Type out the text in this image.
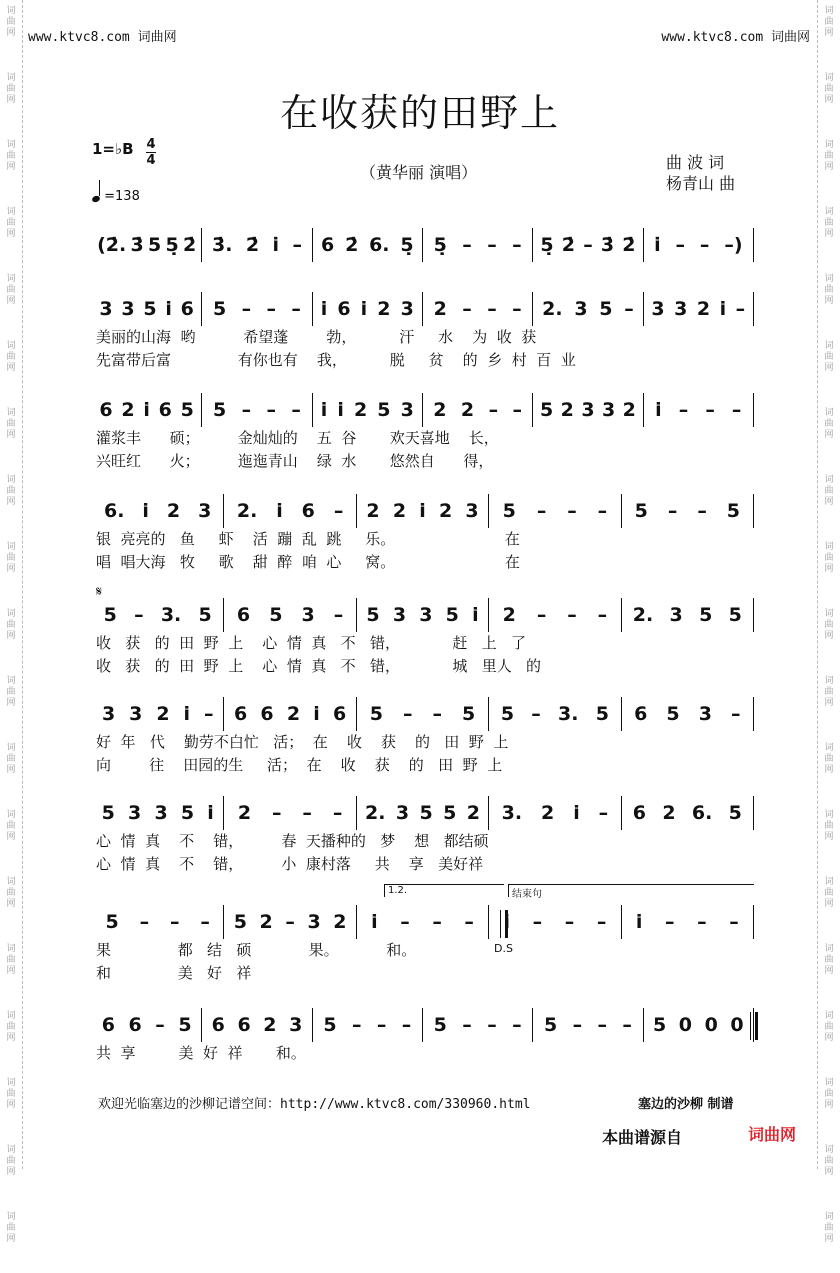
词
曲
网
词
曲
网
词
曲
网
词
曲
网
词
曲
网
词
曲
网
词
曲
网
词
曲
网
词
曲
网
词
曲
网
词
曲
网
词
曲
网
词
曲
网
词
曲
网
词
曲
网
词
曲
网
词
曲
网
词
曲
网
词
曲
网
词
曲
网
词
曲
网
词
曲
网
词
曲
网
词
曲
网
词
曲
网
词
曲
网
词
曲
网
词
曲
网
词
曲
网
词
曲
网
词
曲
网
词
曲
网
词
曲
网
词
曲
网
词
曲
网
词
曲
网
词
曲
网
词
曲
网
www.ktvc8.com 词曲网	www.ktvc8.com 词曲网
在收获的田野上
1=♭B 4
4
=138
（黄华丽 演唱）
曲 波 词
杨青山 曲
(2̇. 3̇ 5 5̣ 2̇ 3̇. 2̇ i̇ – 6 2̇ 6. 5̣ 5̣ – – – 5̣ 2̇ – 3̇ 2̇ i̇ – – –)
3 3 5 i 6 5 – – – i 6 i 2 3 2 – – – 2. 3 5 – 3 3 2 i –
美丽的山海  哟          希望蓬        勃，         汗     水    为  收  获
先富带后富              有你也有    我，         脱     贫    的  乡  村  百  业
6 2 i 6 5 5 – – – i i 2 5 3 2 2 – – 5 2 3 3 2 i – – –
灌浆丰      硕；        金灿灿的    五  谷       欢天喜地    长，
兴旺红      火；        迤迤青山    绿  水       悠然自      得，
6. i 2 3 2. i 6 – 2 2 i 2 3 5 – – – 5 – – 5
银  亮亮的   鱼     虾    活  蹦  乱  跳     乐。                       在
唱  唱大海   牧     歌    甜  醉  咱  心     窝。                       在
5 – 3. 5 6 5 3 – 5 3 3 5 i 2 – – – 2. 3 5 5
收   获   的  田  野  上    心  情  真   不   错，           赶   上   了
收   获   的  田  野  上    心  情  真   不   错，           城   里人   的
3 3 2 i – 6 6 2 i 6 5 – – 5 5 – 3. 5 6 5 3 –
好  年   代    勤劳不白忙   活；  在    收    获    的   田  野  上
向        往    田园的生     活；  在    收    获    的   田  野  上
5 3 3 5 i 2 – – – 2. 3 5 5 2 3. 2 i – 6 2 6. 5
心  情  真    不    错，        春  天播种的   梦    想   都结硕
心  情  真    不    错，        小  康村落     共    享   美好祥
5 – – – 5 2 – 3 2 i – – – i – – – i – – –
果              都   结   硕            果。          和。
和              美   好   祥
6 6 – 5 6 6 2 3 5 – – – 5 – – – 5 – – – 5 0 0 0
共  享         美  好  祥       和。
𝄋
1.2.	结束句
D.S
欢迎光临塞边的沙柳记谱空间：http://www.ktvc8.com/330960.html	塞边的沙柳 制谱
本曲谱源自	词曲网
